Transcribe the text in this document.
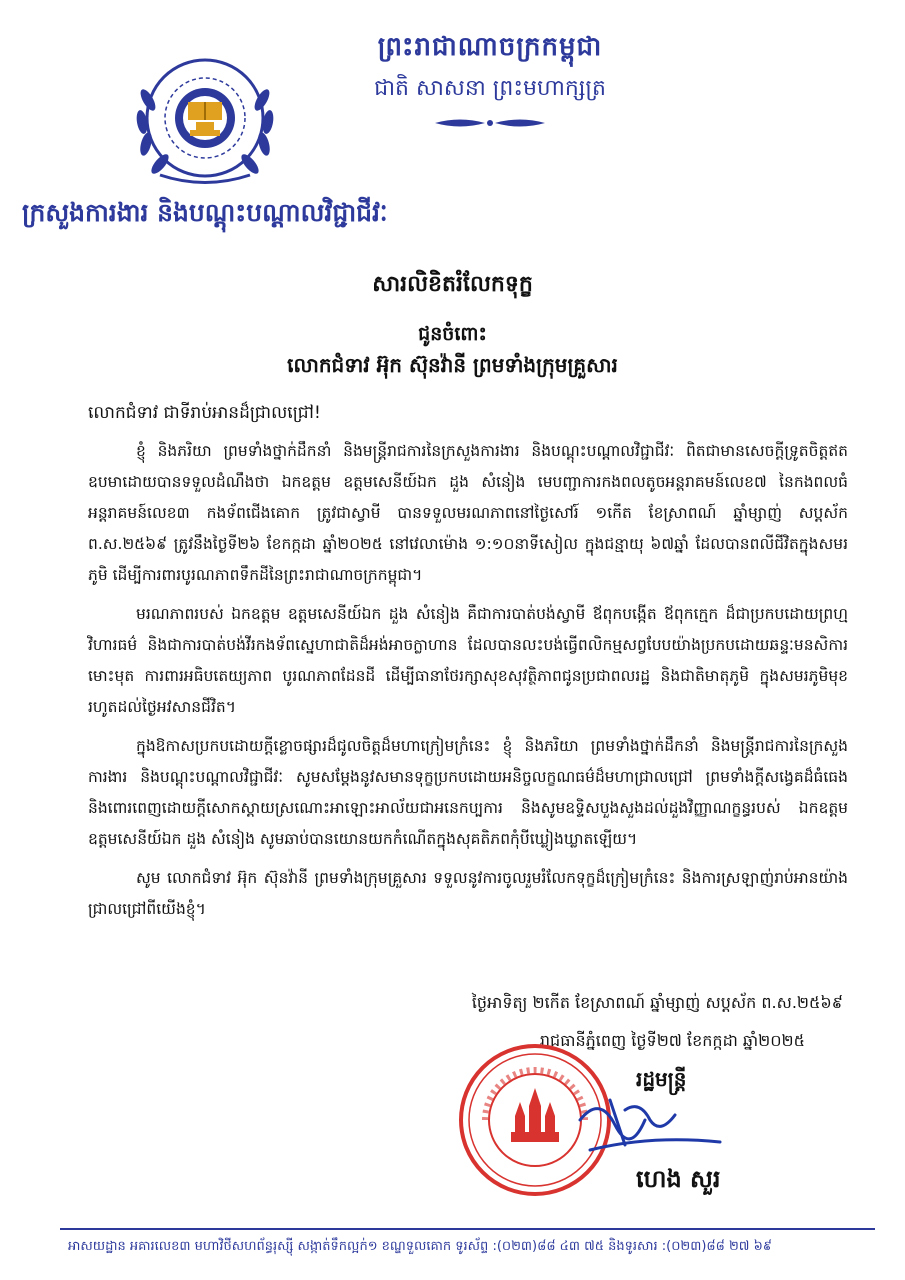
ព្រះរាជាណាចក្រកម្ពុជា
ជាតិ សាសនា ព្រះមហាក្សត្រ
ក្រសួងការងារ និងបណ្តុះបណ្តាលវិជ្ជាជីវៈ
សារលិខិតរំលែកទុក្ខ
ជូនចំពោះ
លោកជំទាវ អ៊ុក ស៊ុនវ៉ានី ព្រមទាំងក្រុមគ្រួសារ
លោកជំទាវ ជាទីរាប់អានដ៏ជ្រាលជ្រៅ!

ខ្ញុំ និងភរិយា ព្រមទាំងថ្នាក់ដឹកនាំ និងមន្ត្រីរាជការនៃក្រសួងការងារ និងបណ្តុះបណ្តាលវិជ្ជាជីវៈ ពិតជាមានសេចក្តីទ្រូតចិត្តឥតឧបមាដោយបានទទួលដំណឹងថា ឯកឧត្តម ឧត្តមសេនីយ៍ឯក ដួង សំនៀង មេបញ្ជាការកងពលតូចអន្តរាគមន៍លេខ៧ នៃកងពលធំអន្តរាគមន៍លេខ៣ កងទ័ពជើងគោក ត្រូវជាស្វាមី បានទទួលមរណភាពនៅថ្ងៃសៅរ៍ ១កើត ខែស្រាពណ៍ ឆ្នាំម្សាញ់ សប្តស័ក ព.ស.២៥៦៩ ត្រូវនឹងថ្ងៃទី២៦ ខែកក្កដា ឆ្នាំ២០២៥ នៅវេលាម៉ោង ១:១០នាទីសៀល ក្នុងជន្មាយុ ៦៧ឆ្នាំ ដែលបានពលីជីវិតក្នុងសមរភូមិ ដើម្បីការពារបូរណភាពទឹកដីនៃព្រះរាជាណាចក្រកម្ពុជា។

មរណភាពរបស់ ឯកឧត្តម ឧត្តមសេនីយ៍ឯក ដួង សំនៀង គឺជាការបាត់បង់ស្វាមី ឪពុកបង្កើត ឪពុកក្មេក ដ៏ជាប្រកបដោយព្រហ្មវិហារធម៌ និងជាការបាត់បង់វីរកងទ័ពស្នេហាជាតិដ៏អង់អាចក្លាហាន ដែលបានលះបង់ធ្វើពលិកម្មសព្វបែបយ៉ាងប្រកបដោយឆន្ទៈមនសិការមោះមុត ការពារអធិបតេយ្យភាព បូរណភាពដែនដី ដើម្បីធានាថែរក្សាសុខសុវត្ថិភាពជូនប្រជាពលរដ្ឋ និងជាតិមាតុភូមិ ក្នុងសមរភូមិមុខរហូតដល់ថ្ងៃអវសានជីវិត។

ក្នុងឱកាសប្រកបដោយក្តីខ្លោចផ្សារដ៏ជូលចិត្តដ៏មហាក្រៀមក្រំនេះ ខ្ញុំ និងភរិយា ព្រមទាំងថ្នាក់ដឹកនាំ និងមន្ត្រីរាជការនៃក្រសួងការងារ និងបណ្តុះបណ្តាលវិជ្ជាជីវៈ សូមសម្តែងនូវសមានទុក្ខប្រកបដោយអនិច្ចលក្ខណធម៌ដ៏មហាជ្រាលជ្រៅ ព្រមទាំងក្តីសង្វេគដ៏ធំធេង និងពោរពេញដោយក្តីសោកស្តាយស្រណោះអាឡោះអាល័យជាអនេកប្បការ និងសូមឧទ្ទិសបួងសួងដល់ដួងវិញ្ញាណក្ខន្ធរបស់ ឯកឧត្តម ឧត្តមសេនីយ៍ឯក ដួង សំនៀង សូមឆាប់បានយោនយកកំណើតក្នុងសុគតិភពកុំបីឃ្លៀងឃ្លាតឡើយ។

សូម លោកជំទាវ អ៊ុក ស៊ុនវ៉ានី ព្រមទាំងក្រុមគ្រួសារ ទទួលនូវការចូលរួមរំលែកទុក្ខដ៏ក្រៀមក្រំនេះ និងការស្រឡាញ់រាប់អានយ៉ាងជ្រាលជ្រៅពីយើងខ្ញុំ។

ថ្ងៃអាទិត្យ ២កើត ខែស្រាពណ៍ ឆ្នាំម្សាញ់ សប្តស័ក ព.ស.២៥៦៩
រាជធានីភ្នំពេញ ថ្ងៃទី២៧ ខែកក្កដា ឆ្នាំ២០២៥
រដ្ឋមន្ត្រី
ហេង សួរ
អាសយដ្ឋាន អគារលេខ៣ មហាវិថីសហព័ន្ធរុស្ស៊ី សង្កាត់ទឹកល្អក់១ ខណ្ឌទួលគោក ទូរស័ព្ទ :(០២៣)៨៨ ៤៣ ៧៥ និងទូរសារ :(០២៣)៨៨ ២៧ ៦៩
